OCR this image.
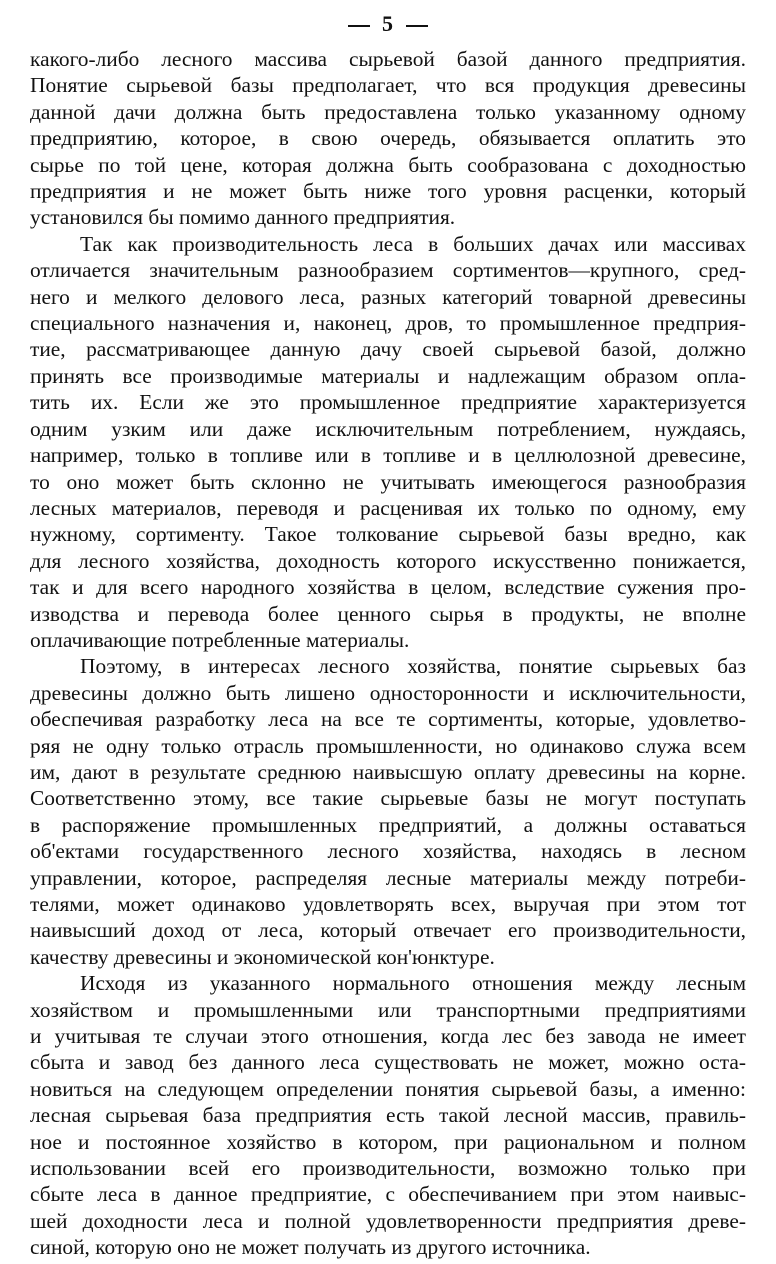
5
какого-либо лесного массива сырьевой базой данного предприятия.
Понятие сырьевой базы предполагает, что вся продукция древесины
данной дачи должна быть предоставлена только указанному одному
предприятию, которое, в свою очередь, обязывается оплатить это
сырье по той цене, которая должна быть сообразована с доходностью
предприятия и не может быть ниже того уровня расценки, который
установился бы помимо данного предприятия.
Так как производительность леса в больших дачах или массивах
отличается значительным разнообразием сортиментов—крупного, сред-
него и мелкого делового леса, разных категорий товарной древесины
специального назначения и, наконец, дров, то промышленное предприя-
тие, рассматривающее данную дачу своей сырьевой базой, должно
принять все производимые материалы и надлежащим образом опла-
тить их. Если же это промышленное предприятие характеризуется
одним узким или даже исключительным потреблением, нуждаясь,
например, только в топливе или в топливе и в целлюлозной древесине,
то оно может быть склонно не учитывать имеющегося разнообразия
лесных материалов, переводя и расценивая их только по одному, ему
нужному, сортименту. Такое толкование сырьевой базы вредно, как
для лесного хозяйства, доходность которого искусственно понижается,
так и для всего народного хозяйства в целом, вследствие сужения про-
изводства и перевода более ценного сырья в продукты, не вполне
оплачивающие потребленные материалы.
Поэтому, в интересах лесного хозяйства, понятие сырьевых баз
древесины должно быть лишено односторонности и исключительности,
обеспечивая разработку леса на все те сортименты, которые, удовлетво-
ряя не одну только отрасль промышленности, но одинаково служа всем
им, дают в результате среднюю наивысшую оплату древесины на корне.
Соответственно этому, все такие сырьевые базы не могут поступать
в распоряжение промышленных предприятий, а должны оставаться
об'ектами государственного лесного хозяйства, находясь в лесном
управлении, которое, распределяя лесные материалы между потреби-
телями, может одинаково удовлетворять всех, выручая при этом тот
наивысший доход от леса, который отвечает его производительности,
качеству древесины и экономической кон'юнктуре.
Исходя из указанного нормального отношения между лесным
хозяйством и промышленными или транспортными предприятиями
и учитывая те случаи этого отношения, когда лес без завода не имеет
сбыта и завод без данного леса существовать не может, можно оста-
новиться на следующем определении понятия сырьевой базы, а именно:
лесная сырьевая база предприятия есть такой лесной массив, правиль-
ное и постоянное хозяйство в котором, при рациональном и полном
использовании всей его производительности, возможно только при
сбыте леса в данное предприятие, с обеспечиванием при этом наивыс-
шей доходности леса и полной удовлетворенности предприятия древе-
синой, которую оно не может получать из другого источника.
